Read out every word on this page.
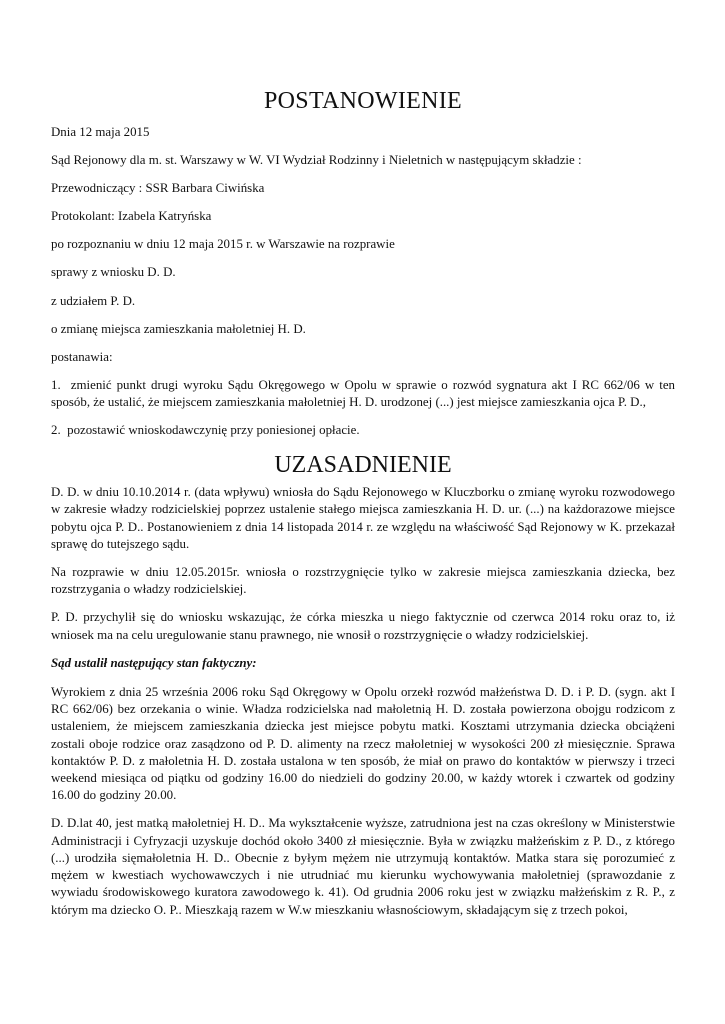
POSTANOWIENIE
Dnia 12 maja 2015
Sąd Rejonowy dla m. st. Warszawy w W. VI Wydział Rodzinny i Nieletnich w następującym składzie :
Przewodniczący : SSR Barbara Ciwińska
Protokolant: Izabela Katryńska
po rozpoznaniu w dniu 12 maja 2015 r. w Warszawie na rozprawie
sprawy z wniosku D. D.
z udziałem P. D.
o zmianę miejsca zamieszkania małoletniej H. D.
postanawia:
1. zmienić punkt drugi wyroku Sądu Okręgowego w Opolu w sprawie o rozwód sygnatura akt I RC 662/06 w ten sposób, że ustalić, że miejscem zamieszkania małoletniej H. D. urodzonej (...) jest miejsce zamieszkania ojca P. D.,
2. pozostawić wnioskodawczynię przy poniesionej opłacie.
UZASADNIENIE

D. D. w dniu 10.10.2014 r. (data wpływu) wniosła do Sądu Rejonowego w Kluczborku o zmianę wyroku rozwodowego w zakresie władzy rodzicielskiej poprzez ustalenie stałego miejsca zamieszkania H. D. ur. (...) na każdorazowe miejsce pobytu ojca P. D.. Postanowieniem z dnia 14 listopada 2014 r. ze względu na właściwość Sąd Rejonowy w K. przekazał sprawę do tutejszego sądu.

Na rozprawie w dniu 12.05.2015r. wniosła o rozstrzygnięcie tylko w zakresie miejsca zamieszkania dziecka, bez rozstrzygania o władzy rodzicielskiej.

P. D. przychylił się do wniosku wskazując, że córka mieszka u niego faktycznie od czerwca 2014 roku oraz to, iż wniosek ma na celu uregulowanie stanu prawnego, nie wnosił o rozstrzygnięcie o władzy rodzicielskiej.

Sąd ustalił następujący stan faktyczny:

Wyrokiem z dnia 25 września 2006 roku Sąd Okręgowy w Opolu orzekł rozwód małżeństwa D. D. i P. D. (sygn. akt I RC 662/06) bez orzekania o winie. Władza rodzicielska nad małoletnią H. D. została powierzona obojgu rodzicom z ustaleniem, że miejscem zamieszkania dziecka jest miejsce pobytu matki. Kosztami utrzymania dziecka obciążeni zostali oboje rodzice oraz zasądzono od P. D. alimenty na rzecz małoletniej w wysokości 200 zł miesięcznie. Sprawa kontaktów P. D. z małoletnia H. D. została ustalona w ten sposób, że miał on prawo do kontaktów w pierwszy i trzeci weekend miesiąca od piątku od godziny 16.00 do niedzieli do godziny 20.00, w każdy wtorek i czwartek od godziny 16.00 do godziny 20.00.

D. D.lat 40, jest matką małoletniej H. D.. Ma wykształcenie wyższe, zatrudniona jest na czas określony w Ministerstwie Administracji i Cyfryzacji uzyskuje dochód około 3400 zł miesięcznie. Była w związku małżeńskim z P. D., z którego (...) urodziła sięmałoletnia H. D.. Obecnie z byłym mężem nie utrzymują kontaktów. Matka stara się porozumieć z mężem w kwestiach wychowawczych i nie utrudniać mu kierunku wychowywania małoletniej (sprawozdanie z wywiadu środowiskowego kuratora zawodowego k. 41). Od grudnia 2006 roku jest w związku małżeńskim z R. P., z którym ma dziecko O. P.. Mieszkają razem w W.w mieszkaniu własnościowym, składającym się z trzech pokoi,
